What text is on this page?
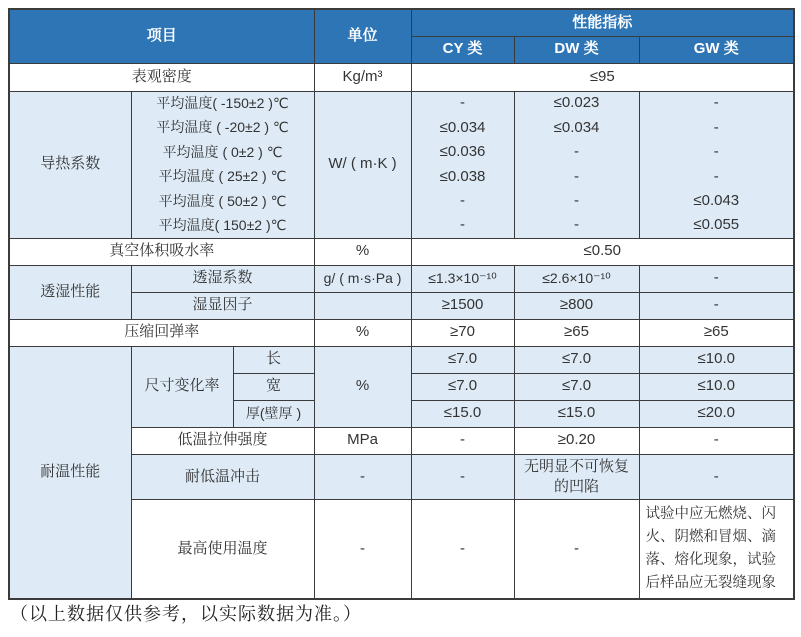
项目			单位	性能指标		
				CY 类	DW 类	GW 类
表观密度			Kg/m³	≤95		
导热系数	平均温度( -150±2 )℃		W/ ( m·K )	-	≤0.023	-
	平均温度 ( -20±2 ) ℃			≤0.034	≤0.034	-
	平均温度 ( 0±2 ) ℃			≤0.036	-	-
	平均温度 ( 25±2 ) ℃			≤0.038	-	-
	平均温度 ( 50±2 ) ℃			-	-	≤0.043
	平均温度( 150±2 )℃			-	-	≤0.055
真空体积吸水率			%	≤0.50		
透湿性能	透湿系数		g/ ( m·s·Pa )	≤1.3×10⁻¹⁰	≤2.6×10⁻¹⁰	-
	湿显因子			≥1500	≥800	-
压缩回弹率			%	≥70	≥65	≥65
耐温性能	尺寸变化率	长	%	≤7.0	≤7.0	≤10.0
		宽		≤7.0	≤7.0	≤10.0
		厚(壁厚 )		≤15.0	≤15.0	≤20.0
	低温拉伸强度		MPa	-	≥0.20	-
	耐低温冲击		-	-	无明显不可恢复的凹陷	-
	最高使用温度		-	-	-	试验中应无燃烧、闪火、阴燃和冒烟、滴落、熔化现象，试验后样品应无裂缝现象
（以上数据仅供参考，以实际数据为准。）
